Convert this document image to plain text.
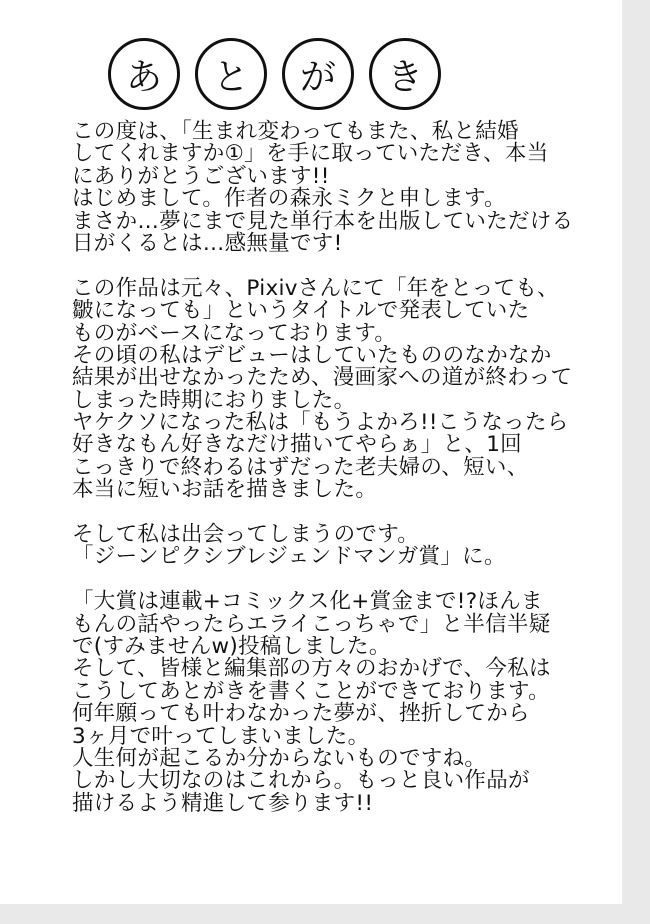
あ と が き
この度は、「生まれ変わってもまた、私と結婚
してくれますか①」を手に取っていただき、本当
にありがとうございます!!
はじめまして。作者の森永ミクと申します。
まさか…夢にまで見た単行本を出版していただける
日がくるとは…感無量です!
この作品は元々、Pixivさんにて「年をとっても、
皺になっても」というタイトルで発表していた
ものがベースになっております。
その頃の私はデビューはしていたもののなかなか
結果が出せなかったため、漫画家への道が終わって
しまった時期におりました。
ヤケクソになった私は「もうよかろ!!こうなったら
好きなもん好きなだけ描いてやらぁ」と、1回
こっきりで終わるはずだった老夫婦の、短い、
本当に短いお話を描きました。
そして私は出会ってしまうのです。
「ジーンピクシブレジェンドマンガ賞」に。
「大賞は連載+コミックス化+賞金まで!?ほんま
もんの話やったらエライこっちゃで」と半信半疑
で(すみませんw)投稿しました。
そして、皆様と編集部の方々のおかげで、今私は
こうしてあとがきを書くことができております。
何年願っても叶わなかった夢が、挫折してから
3ヶ月で叶ってしまいました。
人生何が起こるか分からないものですね。
しかし大切なのはこれから。もっと良い作品が
描けるよう精進して参ります!!
